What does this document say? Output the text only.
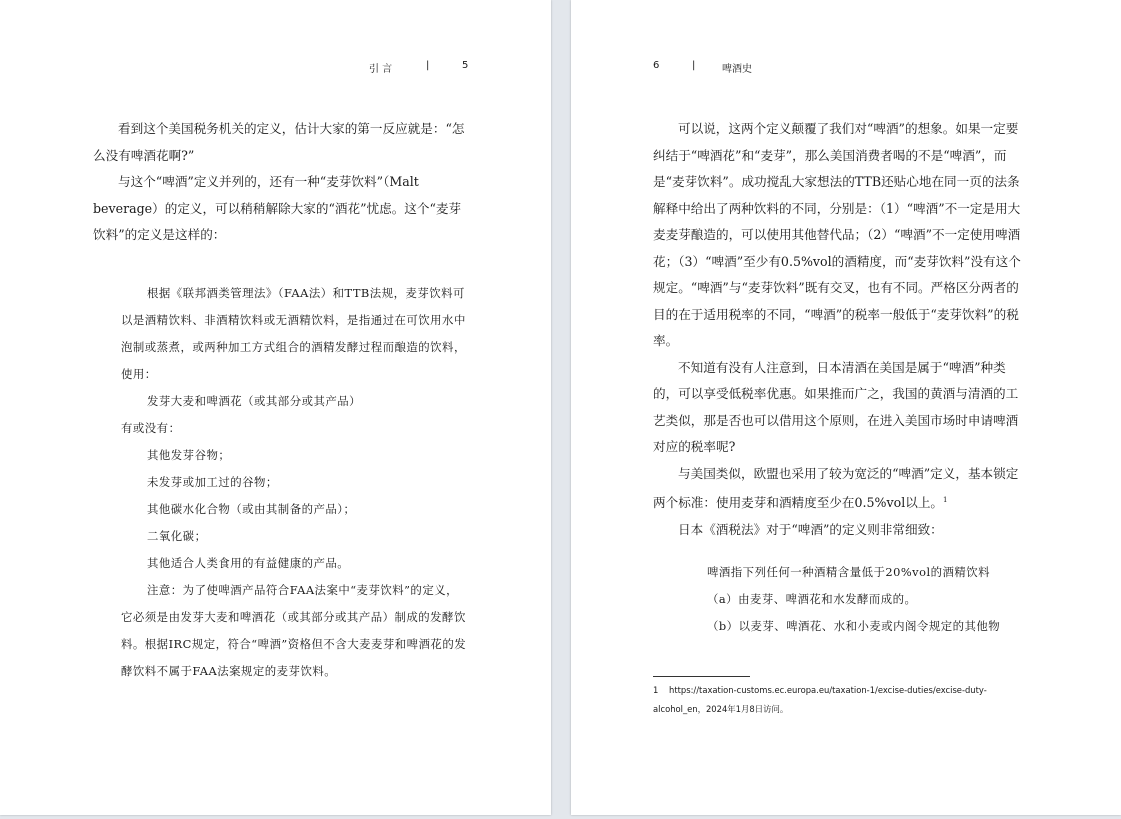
引 言	|	5
看到这个美国税务机关的定义，估计大家的第一反应就是：“怎么没有啤酒花啊?”
与这个“啤酒”定义并列的，还有一种“麦芽饮料”（Malt beverage）的定义，可以稍稍解除大家的“酒花”忧虑。这个“麦芽饮料”的定义是这样的：
根据《联邦酒类管理法》（FAA法）和TTB法规，麦芽饮料可以是酒精饮料、非酒精饮料或无酒精饮料，是指通过在可饮用水中泡制或蒸煮，或两种加工方式组合的酒精发酵过程而酿造的饮料，使用：
发芽大麦和啤酒花（或其部分或其产品）
有或没有：
其他发芽谷物；
未发芽或加工过的谷物；
其他碳水化合物（或由其制备的产品）；
二氧化碳；
其他适合人类食用的有益健康的产品。
注意：为了使啤酒产品符合FAA法案中“麦芽饮料”的定义，它必须是由发芽大麦和啤酒花（或其部分或其产品）制成的发酵饮料。根据IRC规定，符合“啤酒”资格但不含大麦麦芽和啤酒花的发酵饮料不属于FAA法案规定的麦芽饮料。
6	|	啤酒史
可以说，这两个定义颠覆了我们对“啤酒”的想象。如果一定要纠结于“啤酒花”和“麦芽”，那么美国消费者喝的不是“啤酒”，而是“麦芽饮料”。成功搅乱大家想法的TTB还贴心地在同一页的法条解释中给出了两种饮料的不同，分别是：（1）“啤酒”不一定是用大麦麦芽酿造的，可以使用其他替代品；（2）“啤酒”不一定使用啤酒花；（3）“啤酒”至少有0.5%vol的酒精度，而“麦芽饮料”没有这个规定。“啤酒”与“麦芽饮料”既有交叉，也有不同。严格区分两者的目的在于适用税率的不同，“啤酒”的税率一般低于“麦芽饮料”的税率。
不知道有没有人注意到，日本清酒在美国是属于“啤酒”种类的，可以享受低税率优惠。如果推而广之，我国的黄酒与清酒的工艺类似，那是否也可以借用这个原则，在进入美国市场时申请啤酒对应的税率呢?
与美国类似，欧盟也采用了较为宽泛的“啤酒”定义，基本锁定两个标准：使用麦芽和酒精度至少在0.5%vol以上。$^1$
日本《酒税法》对于“啤酒”的定义则非常细致：
啤酒指下列任何一种酒精含量低于20%vol的酒精饮料
（a）由麦芽、啤酒花和水发酵而成的。
（b）以麦芽、啤酒花、水和小麦或内阁令规定的其他物
1 https://taxation-customs.ec.europa.eu/taxation-1/excise-duties/excise-duty-alcohol_en，2024年1月8日访问。
